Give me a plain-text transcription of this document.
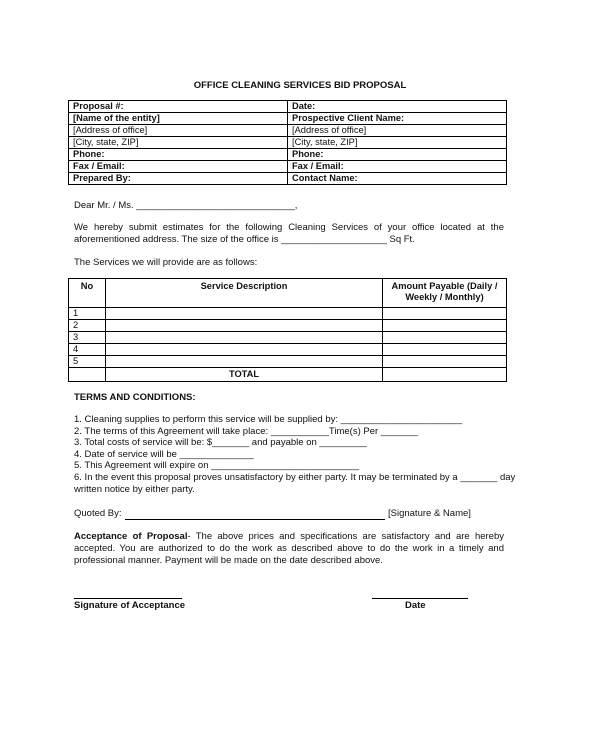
OFFICE CLEANING SERVICES BID PROPOSAL
Proposal #:	Date:
[ Name of the entity ]	Prospective Client Name:
[ Address of office ]	[ Address of office ]
[ City, state, ZIP ]	[ City, state, ZIP ]
Phone:	Phone:
Fax / Email:	Fax / Email:
Prepared By:	Contact Name:
Dear Mr. / Ms. ______________________________,
We hereby submit estimates for the following Cleaning Services of your office located at the aforementioned address. The size of the office is ____________________ Sq Ft.
The Services we will provide are as follows:
No	Service Description	Amount Payable (Daily / Weekly / Monthly)
1		
2		
3		
4		
5		
	TOTAL	
TERMS AND CONDITIONS:
1. Cleaning supplies to perform this service will be supplied by: _______________________
2. The terms of this Agreement will take place: ___________Time(s) Per _______
3. Total costs of service will be: $_______ and payable on _________
4. Date of service will be ______________
5. This Agreement will expire on ____________________________
6. In the event this proposal proves unsatisfactory by either party. It may be terminated by a _______ day
written notice by either party.
Quoted By:	[Signature & Name]
Acceptance of Proposal- The above prices and specifications are satisfactory and are hereby accepted. You are authorized to do the work as described above to do the work in a timely and professional manner. Payment will be made on the date described above.
Signature of Acceptance	Date
